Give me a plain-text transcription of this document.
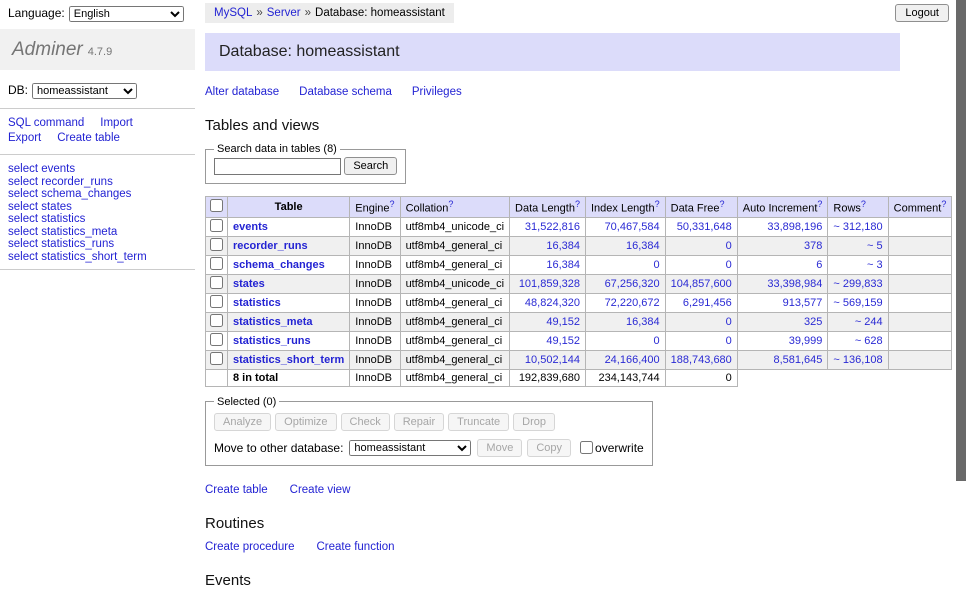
Language:
English
Adminer 4.7.9
DB:
homeassistant
SQL command Import
Export Create table
select events
select recorder_runs
select schema_changes
select states
select statistics
select statistics_meta
select statistics_runs
select statistics_short_term
Logout
MySQL » Server » Database: homeassistant
Database: homeassistant
Alter database Database schema Privileges
Tables and views
Search data in tables (8)
Search
	Table	Engine?	Collation?	Data Length?	Index Length?	Data Free?	Auto Increment?	Rows?	Comment?
	events	InnoDB	utf8mb4_unicode_ci	31,522,816	70,467,584	50,331,648	33,898,196	~ 312,180	
	recorder_runs	InnoDB	utf8mb4_general_ci	16,384	16,384	0	378	~ 5	
	schema_changes	InnoDB	utf8mb4_general_ci	16,384	0	0	6	~ 3	
	states	InnoDB	utf8mb4_unicode_ci	101,859,328	67,256,320	104,857,600	33,398,984	~ 299,833	
	statistics	InnoDB	utf8mb4_general_ci	48,824,320	72,220,672	6,291,456	913,577	~ 569,159	
	statistics_meta	InnoDB	utf8mb4_general_ci	49,152	16,384	0	325	~ 244	
	statistics_runs	InnoDB	utf8mb4_general_ci	49,152	0	0	39,999	~ 628	
	statistics_short_term	InnoDB	utf8mb4_general_ci	10,502,144	24,166,400	188,743,680	8,581,645	~ 136,108	
	8 in total	InnoDB	utf8mb4_general_ci	192,839,680	234,143,744	0			
Selected (0)
Analyze Optimize Check Repair Truncate Drop
Move to other database:
homeassistant	Move	Copy	overwrite
Create table Create view
Routines
Create procedure Create function
Events
